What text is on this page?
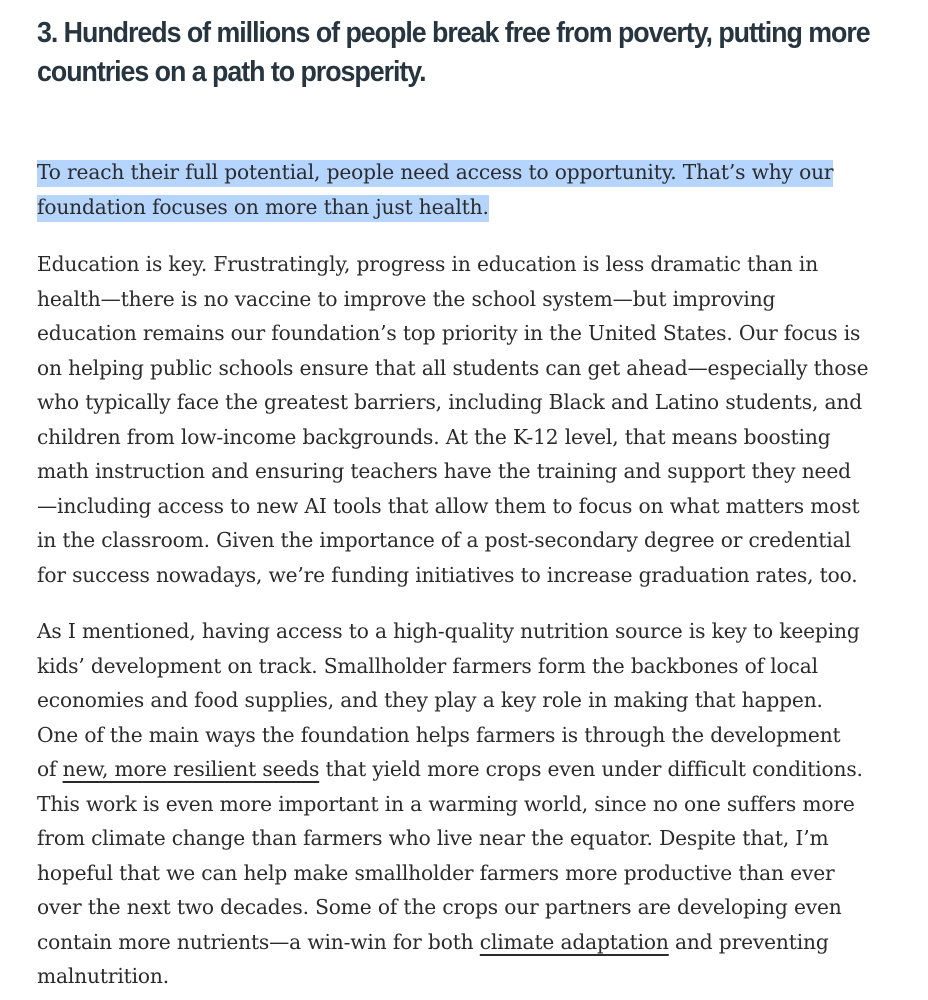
3. Hundreds of millions of people break free from poverty, putting more
countries on a path to prosperity.

To reach their full potential, people need access to opportunity. That’s why our
foundation focuses on more than just health.

Education is key. Frustratingly, progress in education is less dramatic than in
health—there is no vaccine to improve the school system—but improving
education remains our foundation’s top priority in the United States. Our focus is
on helping public schools ensure that all students can get ahead—especially those
who typically face the greatest barriers, including Black and Latino students, and
children from low-income backgrounds. At the K-12 level, that means boosting
math instruction and ensuring teachers have the training and support they need
—including access to new AI tools that allow them to focus on what matters most
in the classroom. Given the importance of a post-secondary degree or credential
for success nowadays, we’re funding initiatives to increase graduation rates, too.

As I mentioned, having access to a high-quality nutrition source is key to keeping
kids’ development on track. Smallholder farmers form the backbones of local
economies and food supplies, and they play a key role in making that happen.
One of the main ways the foundation helps farmers is through the development
of new, more resilient seeds that yield more crops even under difficult conditions.
This work is even more important in a warming world, since no one suffers more
from climate change than farmers who live near the equator. Despite that, I’m
hopeful that we can help make smallholder farmers more productive than ever
over the next two decades. Some of the crops our partners are developing even
contain more nutrients—a win-win for both climate adaptation and preventing
malnutrition.
